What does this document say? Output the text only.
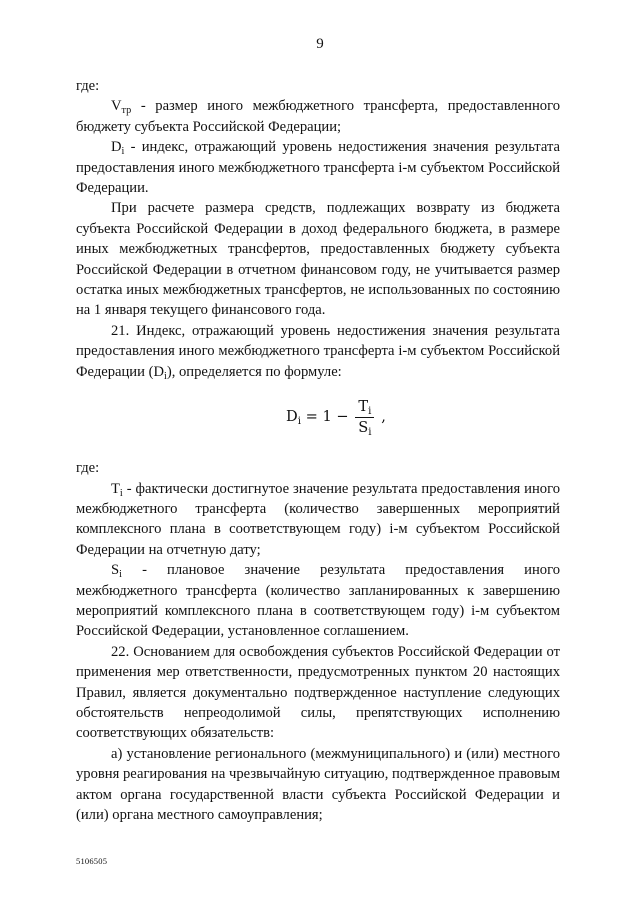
9

где:

$V_{тр}$ - размер иного межбюджетного трансферта, предоставленного бюджету субъекта Российской Федерации;

$D_i$ - индекс, отражающий уровень недостижения значения результата предоставления иного межбюджетного трансферта i-м субъектом Российской Федерации.

При расчете размера средств, подлежащих возврату из бюджета субъекта Российской Федерации в доход федерального бюджета, в размере иных межбюджетных трансфертов, предоставленных бюджету субъекта Российской Федерации в отчетном финансовом году, не учитывается размер остатка иных межбюджетных трансфертов, не использованных по состоянию на 1 января текущего финансового года.

21. Индекс, отражающий уровень недостижения значения результата предоставления иного межбюджетного трансферта i-м субъектом Российской Федерации $(D_i)$, определяется по формуле:

$D_i = 1 - \frac{T_i}{S_i}$ ,

где:

$T_i$ - фактически достигнутое значение результата предоставления иного межбюджетного трансферта (количество завершенных мероприятий комплексного плана в соответствующем году) i-м субъектом Российской Федерации на отчетную дату;

$S_i$ - плановое значение результата предоставления иного межбюджетного трансферта (количество запланированных к завершению мероприятий комплексного плана в соответствующем году) i-м субъектом Российской Федерации, установленное соглашением.

22. Основанием для освобождения субъектов Российской Федерации от применения мер ответственности, предусмотренных пунктом 20 настоящих Правил, является документально подтвержденное наступление следующих обстоятельств непреодолимой силы, препятствующих исполнению соответствующих обязательств:

а) установление регионального (межмуниципального) и (или) местного уровня реагирования на чрезвычайную ситуацию, подтвержденное правовым актом органа государственной власти субъекта Российской Федерации и (или) органа местного самоуправления;

5106505
